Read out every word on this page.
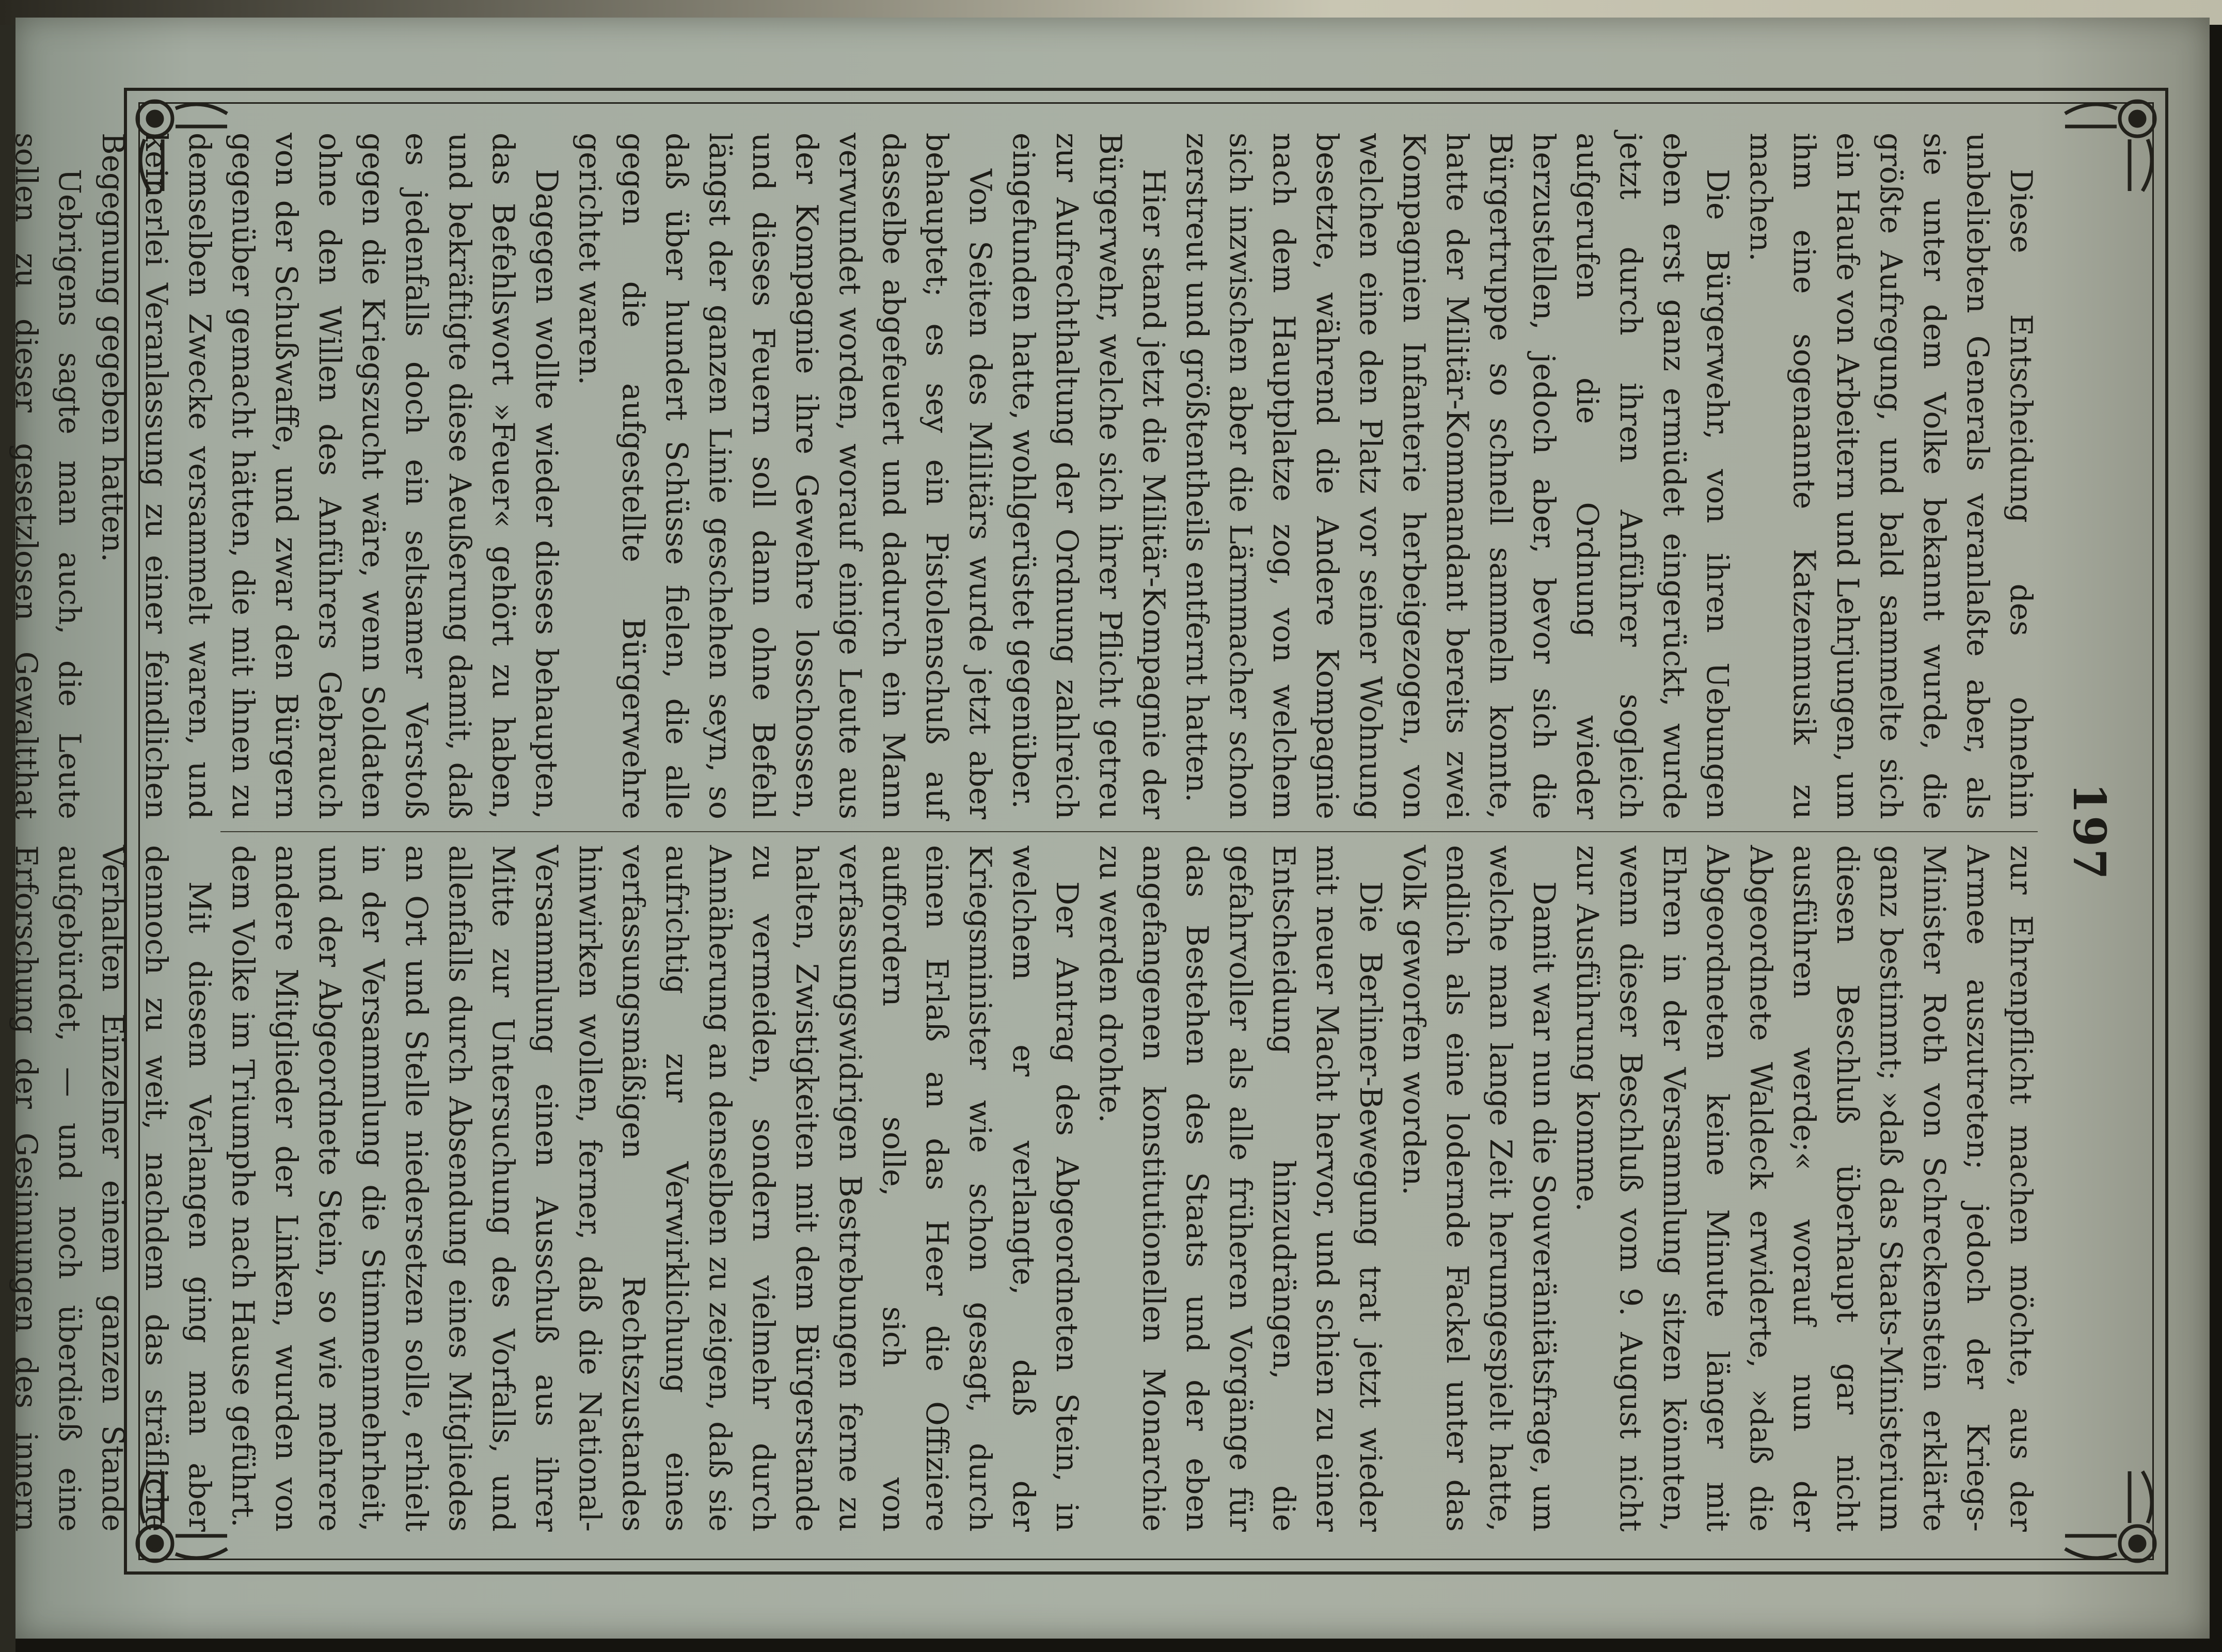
197

Diese Entscheidung des ohnehin unbeliebten Generals veranlaßte aber, als sie unter dem Volke bekannt wurde, die größte Aufregung, und bald sammelte sich ein Haufe von Arbeitern und Lehrjungen, um ihm eine sogenannte Katzenmusik zu machen.

Die Bürgerwehr, von ihren Uebungen eben erst ganz ermüdet eingerückt, wurde jetzt durch ihren Anführer sogleich aufgerufen die Ordnung wieder herzustellen, jedoch aber, bevor sich die Bürgertruppe so schnell sammeln konnte, hatte der Militär-Kommandant bereits zwei Kompagnien Infanterie herbeigezogen, von welchen eine den Platz vor seiner Wohnung besetzte, während die Andere Kompagnie nach dem Hauptplatze zog, von welchem sich inzwischen aber die Lärmmacher schon zerstreut und größtentheils entfernt hatten.

Hier stand jetzt die Militär-Kompagnie der Bürgerwehr, welche sich ihrer Pflicht getreu zur Aufrechthaltung der Ordnung zahlreich eingefunden hatte, wohlgerüstet gegenüber.

Von Seiten des Militärs wurde jetzt aber behauptet; es sey ein Pistolenschuß auf dasselbe abgefeuert und dadurch ein Mann verwundet worden, worauf einige Leute aus der Kompagnie ihre Gewehre losschossen, und dieses Feuern soll dann ohne Befehl längst der ganzen Linie geschehen seyn, so daß über hundert Schüsse fielen, die alle gegen die aufgestellte Bürgerwehre gerichtet waren.

Dagegen wollte wieder dieses behaupten, das Befehlswort »Feuer« gehört zu haben, und bekräftigte diese Aeußerung damit, daß es jedenfalls doch ein seltsamer Verstoß gegen die Kriegszucht wäre, wenn Soldaten ohne den Willen des Anführers Gebrauch von der Schußwaffe, und zwar den Bürgern gegenüber gemacht hätten, die mit ihnen zu demselben Zwecke versammelt waren, und keinerlei Veranlassung zu einer feindlichen Begegnung gegeben hatten.

Uebrigens sagte man auch, die Leute sollen zu dieser gesetzlosen Gewaltthat

zur Ehrenpflicht machen möchte, aus der Armee auszutreten; jedoch der Kriegs-Minister Roth von Schreckenstein erklärte ganz bestimmt; »daß das Staats-Ministerium diesen Beschluß überhaupt gar nicht ausführen werde;« worauf nun der Abgeordnete Waldeck erwiderte, »daß die Abgeordneten keine Minute länger mit Ehren in der Versammlung sitzen könnten, wenn dieser Beschluß vom 9. August nicht zur Ausführung komme.

Damit war nun die Souveränitätsfrage, um welche man lange Zeit herumgespielt hatte, endlich als eine lodernde Fackel unter das Volk geworfen worden.

Die Berliner-Bewegung trat jetzt wieder mit neuer Macht hervor, und schien zu einer Entscheidung hinzudrängen, die gefahrvoller als alle früheren Vorgänge für das Bestehen des Staats und der eben angefangenen konstitutionellen Monarchie zu werden drohte.

Der Antrag des Abgeordneten Stein, in welchem er verlangte, daß der Kriegsminister wie schon gesagt, durch einen Erlaß an das Heer die Offiziere auffordern solle, sich von verfassungswidrigen Bestrebungen ferne zu halten, Zwistigkeiten mit dem Bürgerstande zu vermeiden, sondern vielmehr durch Annäherung an denselben zu zeigen, daß sie aufrichtig zur Verwirklichung eines verfassungsmäßigen Rechtszustandes hinwirken wollen, ferner, daß die National-Versammlung einen Ausschuß aus ihrer Mitte zur Untersuchung des Vorfalls, und allenfalls durch Absendung eines Mitgliedes an Ort und Stelle niedersetzen solle, erhielt in der Versammlung die Stimmenmehrheit, und der Abgeordnete Stein, so wie mehrere andere Mitglieder der Linken, wurden von dem Volke im Triumphe nach Hause geführt.

Mit diesem Verlangen ging man aber dennoch zu weit, nachdem das sträfliche Verhalten Einzelner einem ganzen Stande aufgebürdet, — und noch überdieß eine Erforschung der Gesinnungen des innern
